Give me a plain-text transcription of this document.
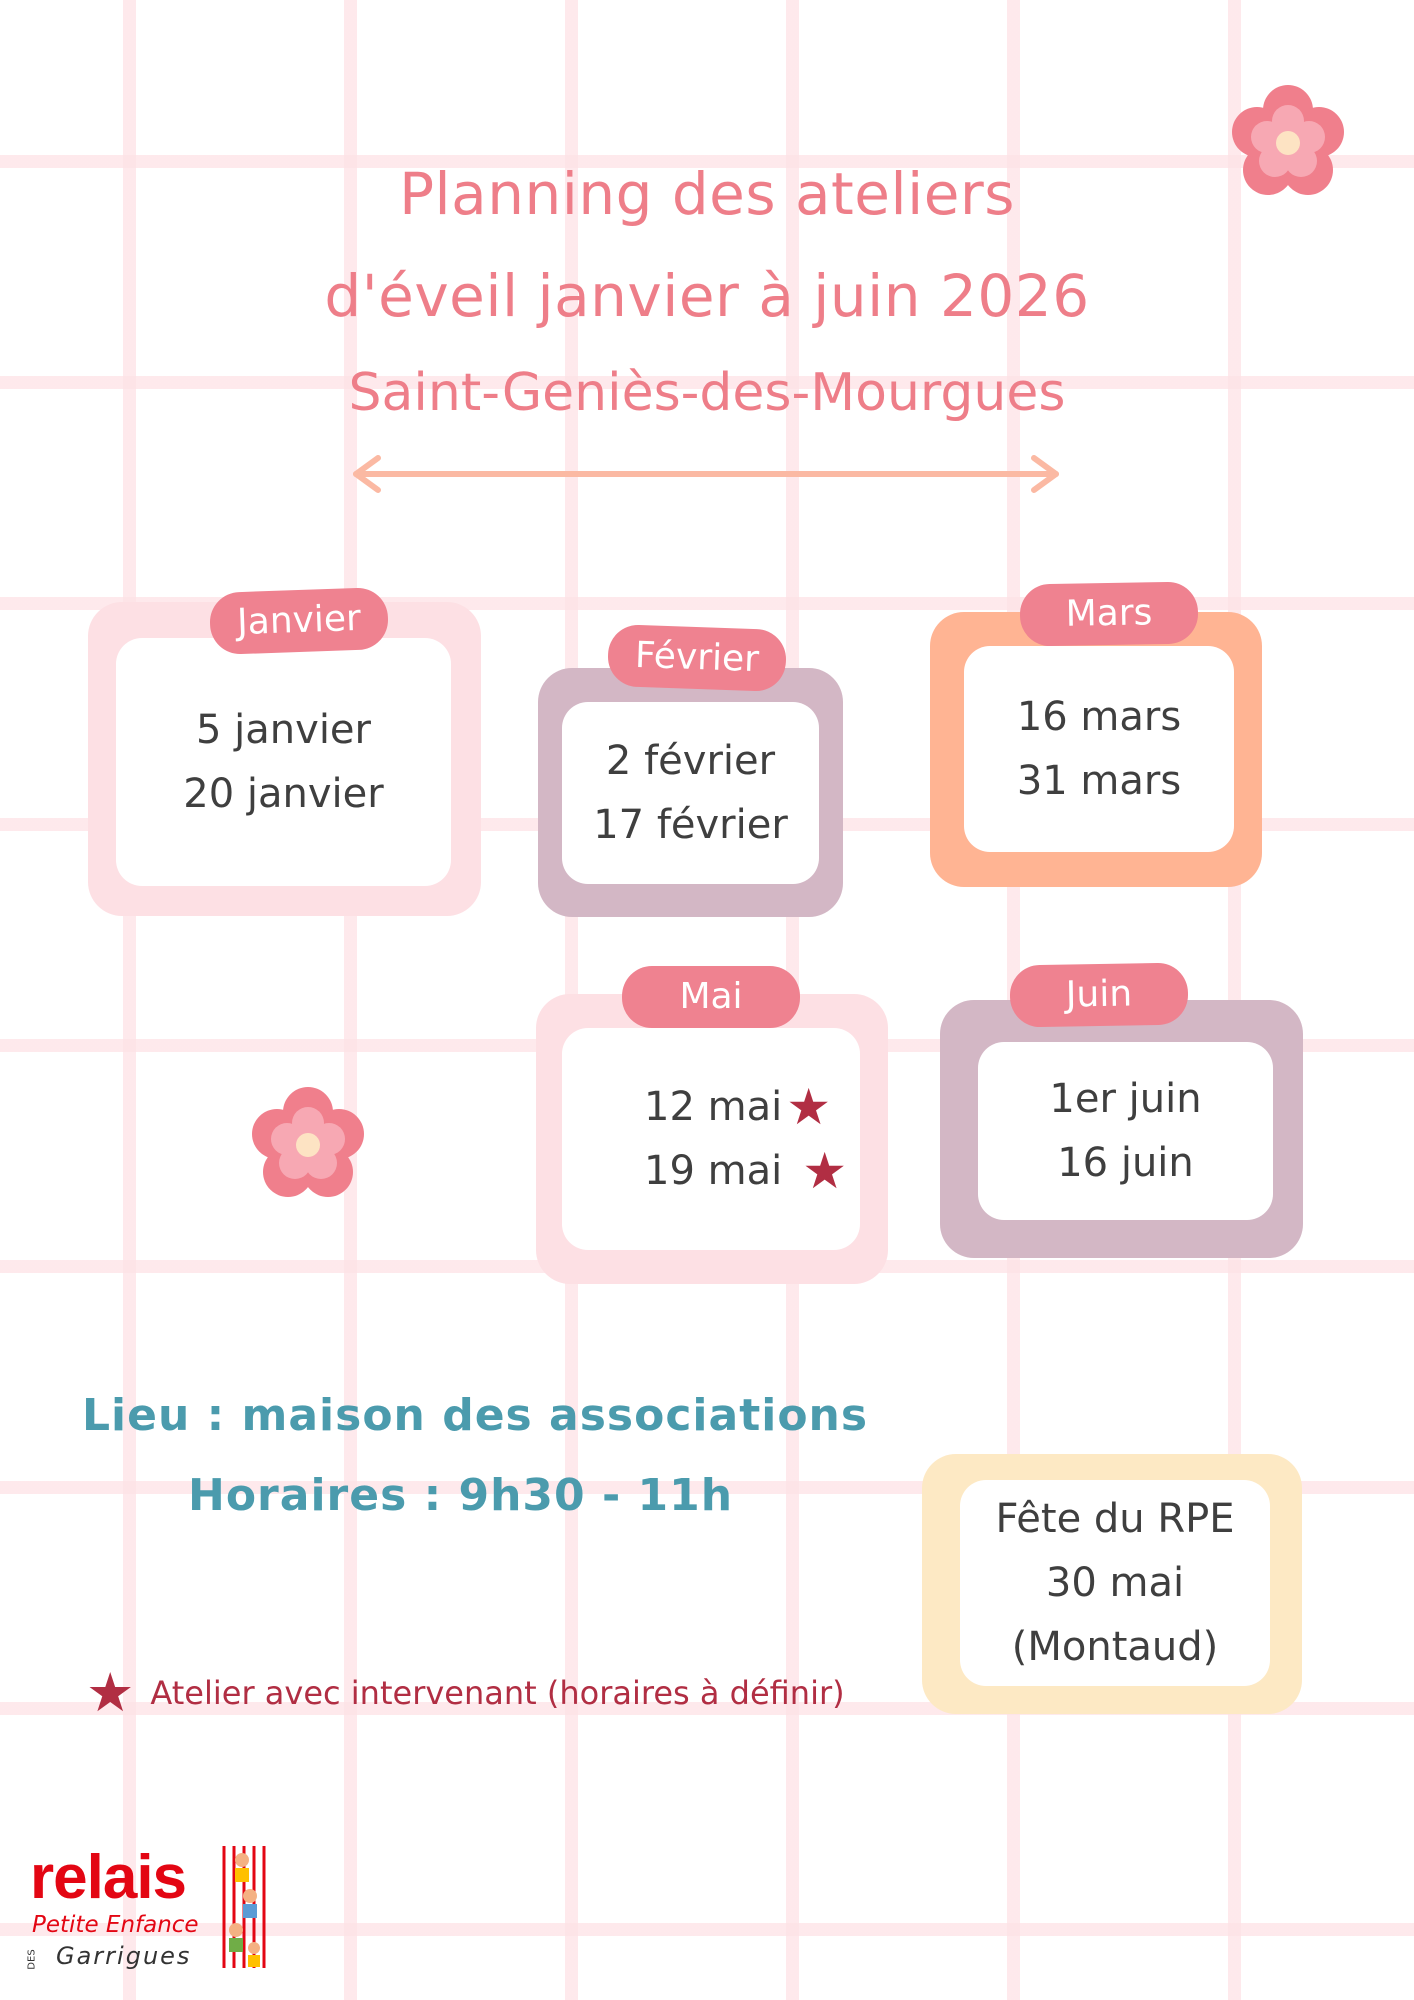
Planning des ateliers
d'éveil janvier à juin 2026
Saint-Geniès-des-Mourgues
5 janvier
20 janvier
Janvier
2 février
17 février
Février
16 mars
31 mars
Mars
12 mai ★
19 mai ★
Mai
1er juin
16 juin
Juin
Lieu : maison des associations
Horaires : 9h30 - 11h	Fête du RPE
30 mai
(Montaud)
★ Atelier avec intervenant (horaires à définir)
relais
Petite Enfance
DES Garrigues
